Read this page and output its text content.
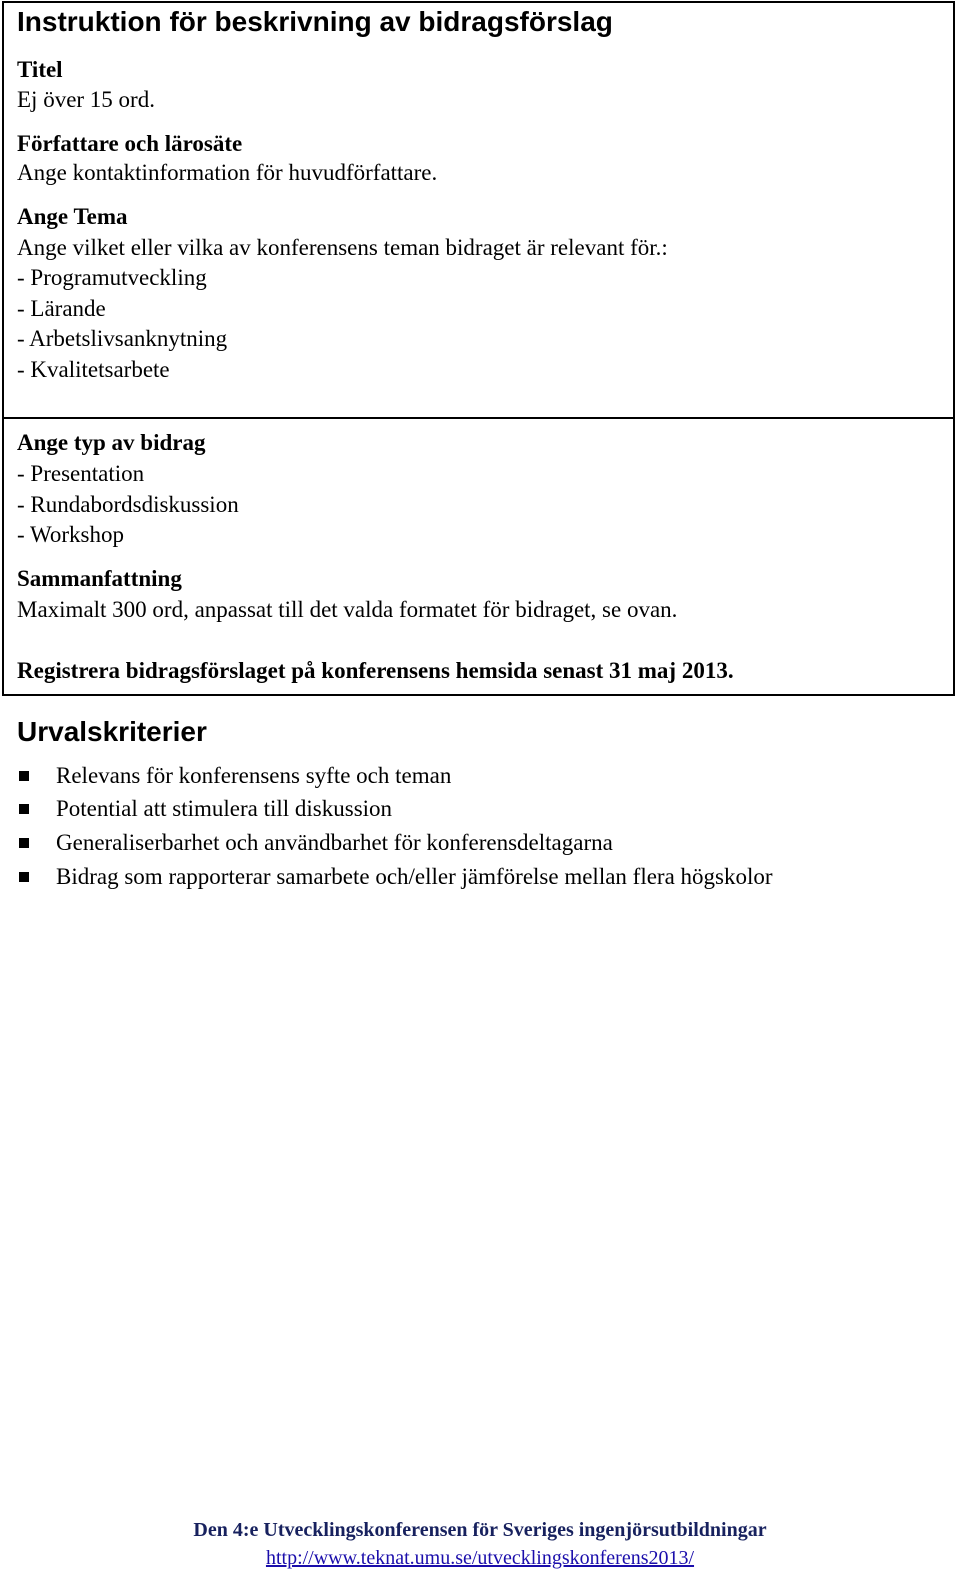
Instruktion för beskrivning av bidragsförslag
Titel
Ej över 15 ord.
Författare och lärosäte
Ange kontaktinformation för huvudförfattare.
Ange Tema
Ange vilket eller vilka av konferensens teman bidraget är relevant för.:
- Programutveckling
- Lärande
- Arbetslivsanknytning
- Kvalitetsarbete
Ange typ av bidrag
- Presentation
- Rundabordsdiskussion
- Workshop
Sammanfattning
Maximalt 300 ord, anpassat till det valda formatet för bidraget, se ovan.
Registrera bidragsförslaget på konferensens hemsida senast 31 maj 2013.
Urvalskriterier
Relevans för konferensens syfte och teman
Potential att stimulera till diskussion
Generaliserbarhet och användbarhet för konferensdeltagarna
Bidrag som rapporterar samarbete och/eller jämförelse mellan flera högskolor
Den 4:e Utvecklingskonferensen för Sveriges ingenjörsutbildningar
http://www.teknat.umu.se/utvecklingskonferens2013/
